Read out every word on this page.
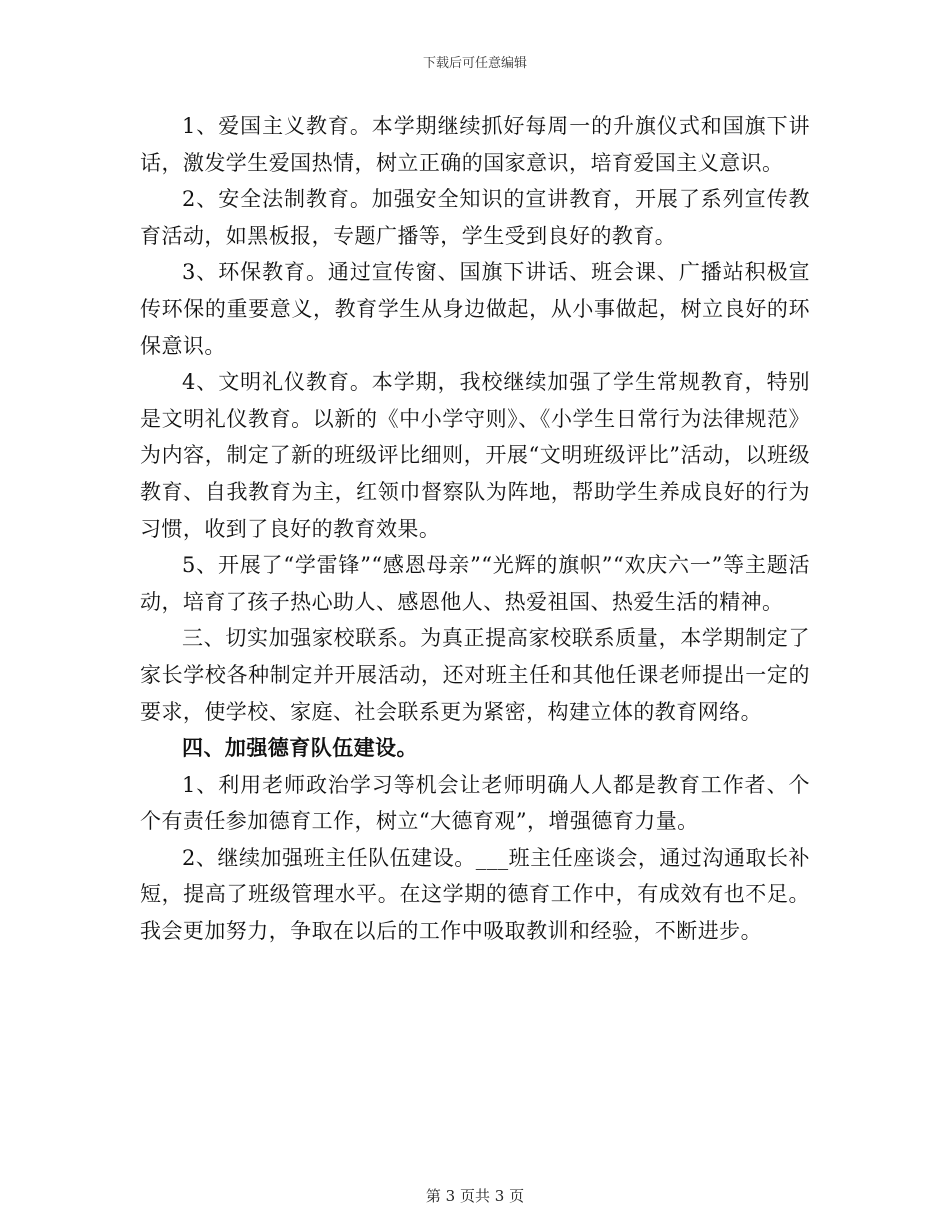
下载后可任意编辑

1、爱国主义教育。本学期继续抓好每周一的升旗仪式和国旗下讲话，激发学生爱国热情，树立正确的国家意识，培育爱国主义意识。

2、安全法制教育。加强安全知识的宣讲教育，开展了系列宣传教育活动，如黑板报，专题广播等，学生受到良好的教育。

3、环保教育。通过宣传窗、国旗下讲话、班会课、广播站积极宣传环保的重要意义，教育学生从身边做起，从小事做起，树立良好的环保意识。

4、文明礼仪教育。本学期，我校继续加强了学生常规教育，特别是文明礼仪教育。以新的《中小学守则》、《小学生日常行为法律规范》为内容，制定了新的班级评比细则，开展“文明班级评比”活动，以班级教育、自我教育为主，红领巾督察队为阵地，帮助学生养成良好的行为习惯，收到了良好的教育效果。

5、开展了“学雷锋”“感恩母亲”“光辉的旗帜”“欢庆六一”等主题活动，培育了孩子热心助人、感恩他人、热爱祖国、热爱生活的精神。

三、切实加强家校联系。为真正提高家校联系质量，本学期制定了家长学校各种制定并开展活动，还对班主任和其他任课老师提出一定的要求，使学校、家庭、社会联系更为紧密，构建立体的教育网络。

四、加强德育队伍建设。

1、利用老师政治学习等机会让老师明确人人都是教育工作者、个个有责任参加德育工作，树立“大德育观”，增强德育力量。

2、继续加强班主任队伍建设。___班主任座谈会，通过沟通取长补短，提高了班级管理水平。在这学期的德育工作中，有成效有也不足。我会更加努力，争取在以后的工作中吸取教训和经验，不断进步。

第 3 页共 3 页
